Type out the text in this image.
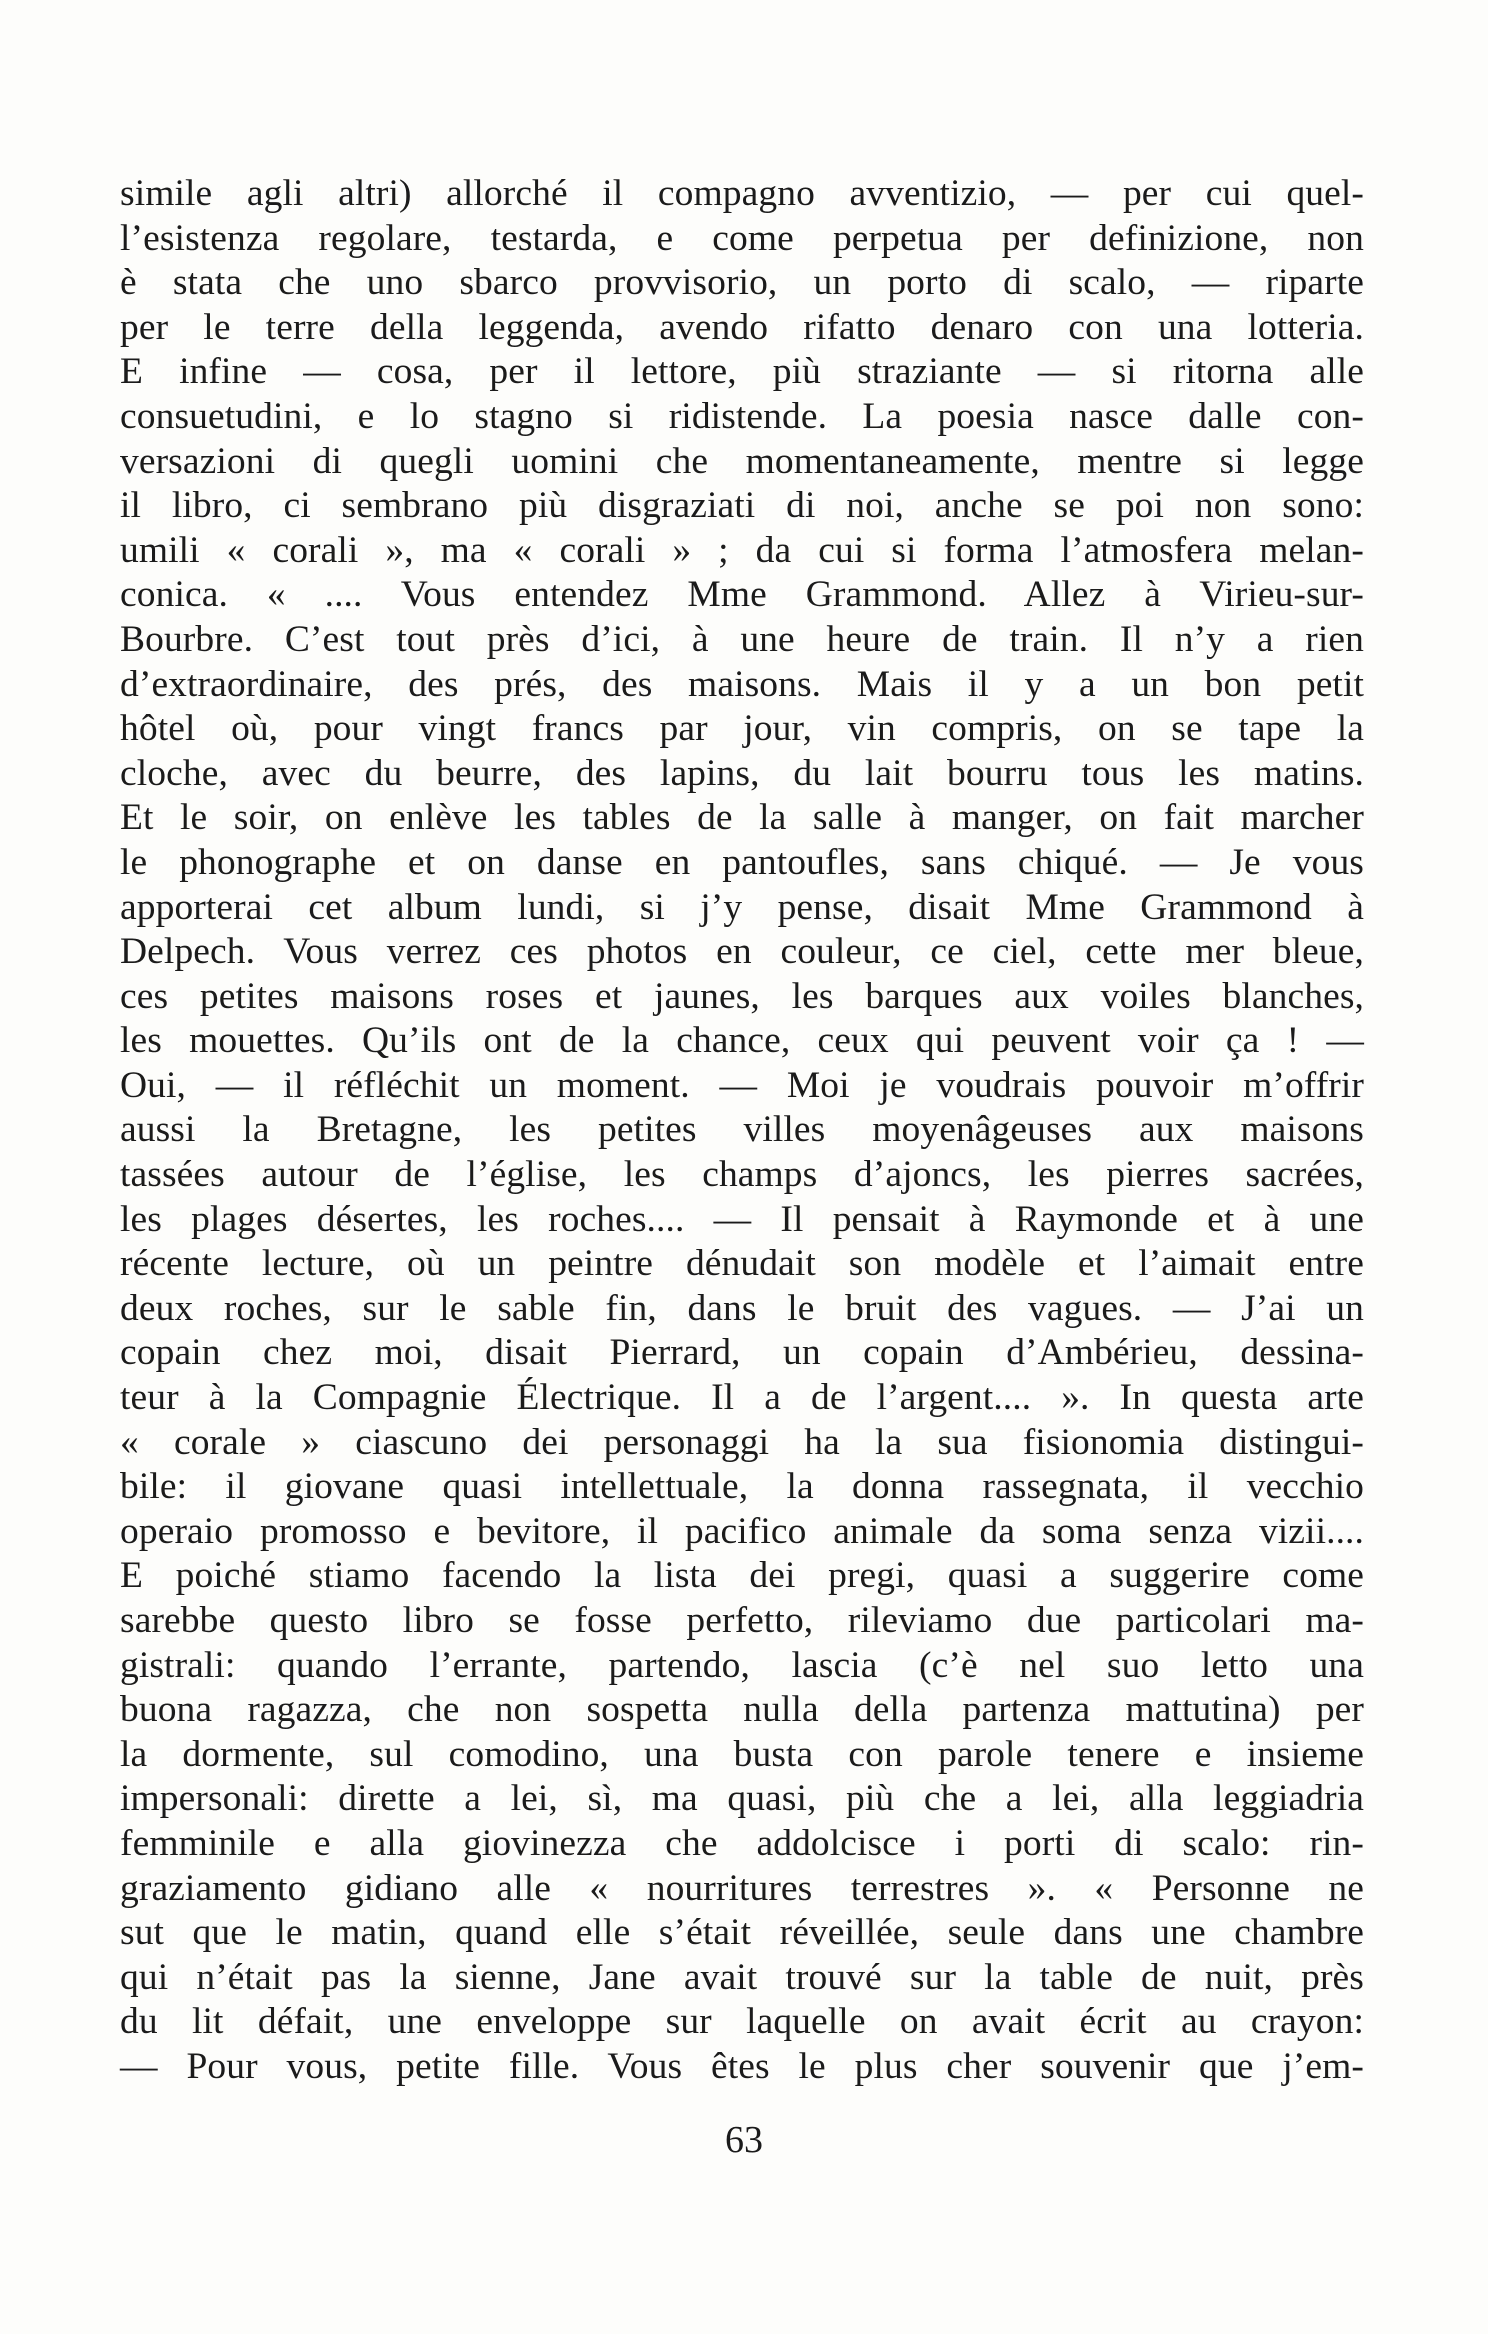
simile agli altri) allorché il compagno avventizio, — per cui quel-
l’esistenza regolare, testarda, e come perpetua per definizione, non
è stata che uno sbarco provvisorio, un porto di scalo, — riparte
per le terre della leggenda, avendo rifatto denaro con una lotteria.
E infine — cosa, per il lettore, più straziante — si ritorna alle
consuetudini, e lo stagno si ridistende. La poesia nasce dalle con-
versazioni di quegli uomini che momentaneamente, mentre si legge
il libro, ci sembrano più disgraziati di noi, anche se poi non sono:
umili « corali », ma « corali » ; da cui si forma l’atmosfera melan-
conica. « .... Vous entendez Mme Grammond. Allez à Virieu-sur-
Bourbre. C’est tout près d’ici, à une heure de train. Il n’y a rien
d’extraordinaire, des prés, des maisons. Mais il y a un bon petit
hôtel où, pour vingt francs par jour, vin compris, on se tape la
cloche, avec du beurre, des lapins, du lait bourru tous les matins.
Et le soir, on enlève les tables de la salle à manger, on fait marcher
le phonographe et on danse en pantoufles, sans chiqué. — Je vous
apporterai cet album lundi, si j’y pense, disait Mme Grammond à
Delpech. Vous verrez ces photos en couleur, ce ciel, cette mer bleue,
ces petites maisons roses et jaunes, les barques aux voiles blanches,
les mouettes. Qu’ils ont de la chance, ceux qui peuvent voir ça ! —
Oui, — il réfléchit un moment. — Moi je voudrais pouvoir m’offrir
aussi la Bretagne, les petites villes moyenâgeuses aux maisons
tassées autour de l’église, les champs d’ajoncs, les pierres sacrées,
les plages désertes, les roches.... — Il pensait à Raymonde et à une
récente lecture, où un peintre dénudait son modèle et l’aimait entre
deux roches, sur le sable fin, dans le bruit des vagues. — J’ai un
copain chez moi, disait Pierrard, un copain d’Ambérieu, dessina-
teur à la Compagnie Électrique. Il a de l’argent.... ». In questa arte
« corale » ciascuno dei personaggi ha la sua fisionomia distingui-
bile: il giovane quasi intellettuale, la donna rassegnata, il vecchio
operaio promosso e bevitore, il pacifico animale da soma senza vizii....
E poiché stiamo facendo la lista dei pregi, quasi a suggerire come
sarebbe questo libro se fosse perfetto, rileviamo due particolari ma-
gistrali: quando l’errante, partendo, lascia (c’è nel suo letto una
buona ragazza, che non sospetta nulla della partenza mattutina) per
la dormente, sul comodino, una busta con parole tenere e insieme
impersonali: dirette a lei, sì, ma quasi, più che a lei, alla leggiadria
femminile e alla giovinezza che addolcisce i porti di scalo: rin-
graziamento gidiano alle « nourritures terrestres ». « Personne ne
sut que le matin, quand elle s’était réveillée, seule dans une chambre
qui n’était pas la sienne, Jane avait trouvé sur la table de nuit, près
du lit défait, une enveloppe sur laquelle on avait écrit au crayon:
— Pour vous, petite fille. Vous êtes le plus cher souvenir que j’em-
63
